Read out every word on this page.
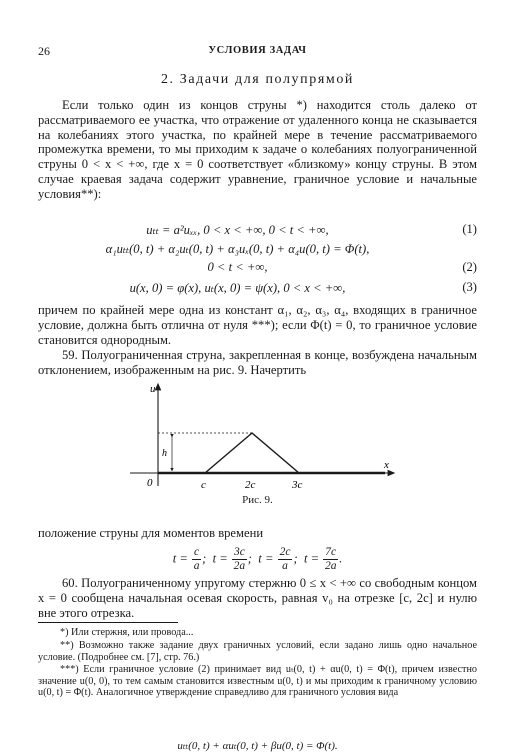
26	УСЛОВИЯ ЗАДАЧ
2. Задачи для полупрямой

Если только один из концов струны *) находится столь далеко от рассматриваемого ее участка, что отражение от удаленного конца не сказывается на колебаниях этого участка, по крайней мере в течение рассматриваемого промежутка времени, то мы приходим к задаче о колебаниях полуограниченной струны 0 < x < +∞, где x = 0 соответствует «близкому» концу струны. В этом случае краевая задача содержит уравнение, граничное условие и начальные условия**):

uₜₜ = a²uₓₓ, 0 < x < +∞, 0 < t < +∞,	(1)
α₁uₜₜ(0, t) + α₂uₜ(0, t) + α₃uₓ(0, t) + α₄u(0, t) = Φ(t),
0 < t < +∞,	(2)
u(x, 0) = φ(x), uₜ(x, 0) = ψ(x), 0 < x < +∞,	(3)

причем по крайней мере одна из констант α₁, α₂, α₃, α₄, входящих в граничное условие, должна быть отлична от нуля ***); если Φ(t) = 0, то граничное условие становится однородным.

59. Полуограниченная струна, закрепленная в конце, возбуждена начальным отклонением, изображенным на рис. 9. Начертить

u
x
0
h
c	2c	3c
Рис. 9.

положение струны для моментов времени

$t = \frac{c}{a}$ ; $t = \frac{3c}{2a}$ ; $t = \frac{2c}{a}$ ; $t = \frac{7c}{2a}$ .

60. Полуограниченному упругому стержню 0 ≤ x < +∞ со свободным концом x = 0 сообщена начальная осевая скорость, равная v₀ на отрезке [c, 2c] и нулю вне этого отрезка.

*) Или стержня, или провода...

**) Возможно также задание двух граничных условий, если задано лишь одно начальное условие. (Подробнее см. [7], стр. 76.)

***) Если граничное условие (2) принимает вид uₜ(0, t) + αu(0, t) = Φ(t), причем известно значение u(0, 0), то тем самым становится известным u(0, t) и мы приходим к граничному условию u(0, t) = Φ(t). Аналогичное утверждение справедливо для граничного условия вида

uₜₜ(0, t) + αuₜ(0, t) + βu(0, t) = Φ(t).
